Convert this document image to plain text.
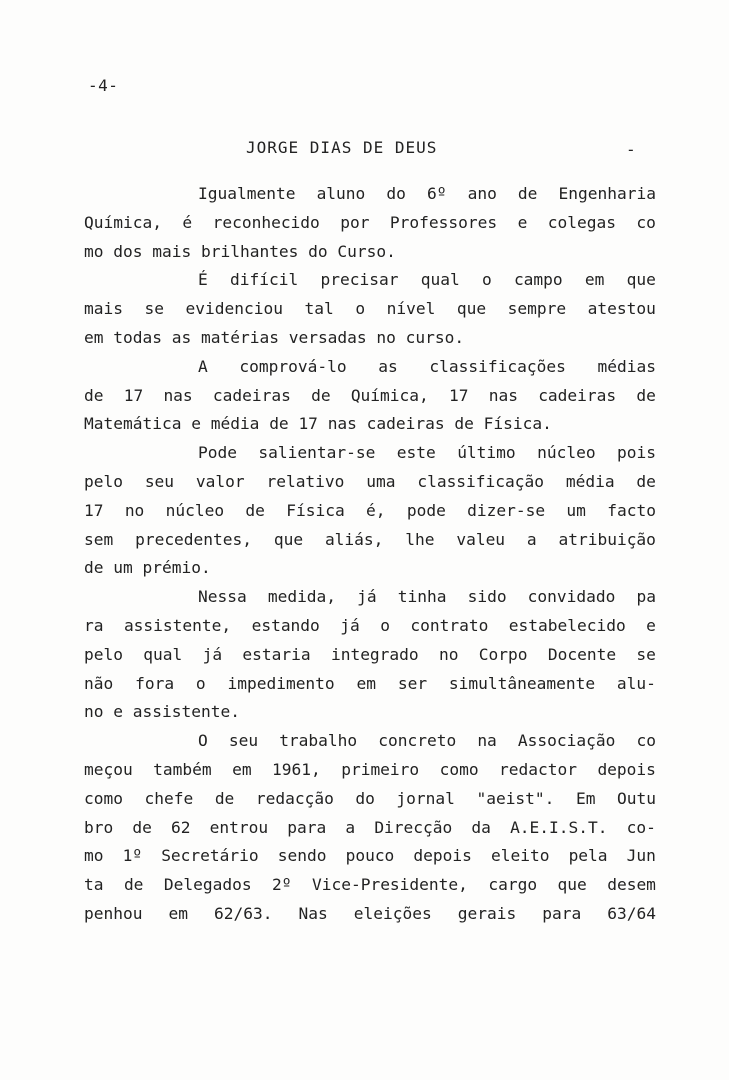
-4-
JORGE DIAS DE DEUS	-
Igualmente aluno do 6º ano de Engenharia
Química, é reconhecido por Professores e colegas co
mo dos mais brilhantes do Curso.
É difícil precisar qual o campo em que
mais se evidenciou tal o nível que sempre atestou
em todas as matérias versadas no curso.
A comprová-lo as classificações médias
de 17 nas cadeiras de Química, 17 nas cadeiras de
Matemática e média de 17 nas cadeiras de Física.
Pode salientar-se este último núcleo pois
pelo seu valor relativo uma classificação média de
17 no núcleo de Física é, pode dizer-se um facto
sem precedentes, que aliás, lhe valeu a atribuição
de um prémio.
Nessa medida, já tinha sido convidado pa
ra assistente, estando já o contrato estabelecido e
pelo qual já estaria integrado no Corpo Docente se
não fora o impedimento em ser simultâneamente alu-
no e assistente.
O seu trabalho concreto na Associação co
meçou também em 1961, primeiro como redactor depois
como chefe de redacção do jornal "aeist". Em Outu
bro de 62 entrou para a Direcção da A.E.I.S.T. co-
mo 1º Secretário sendo pouco depois eleito pela Jun
ta de Delegados 2º Vice-Presidente, cargo que desem
penhou em 62/63. Nas eleições gerais para 63/64
